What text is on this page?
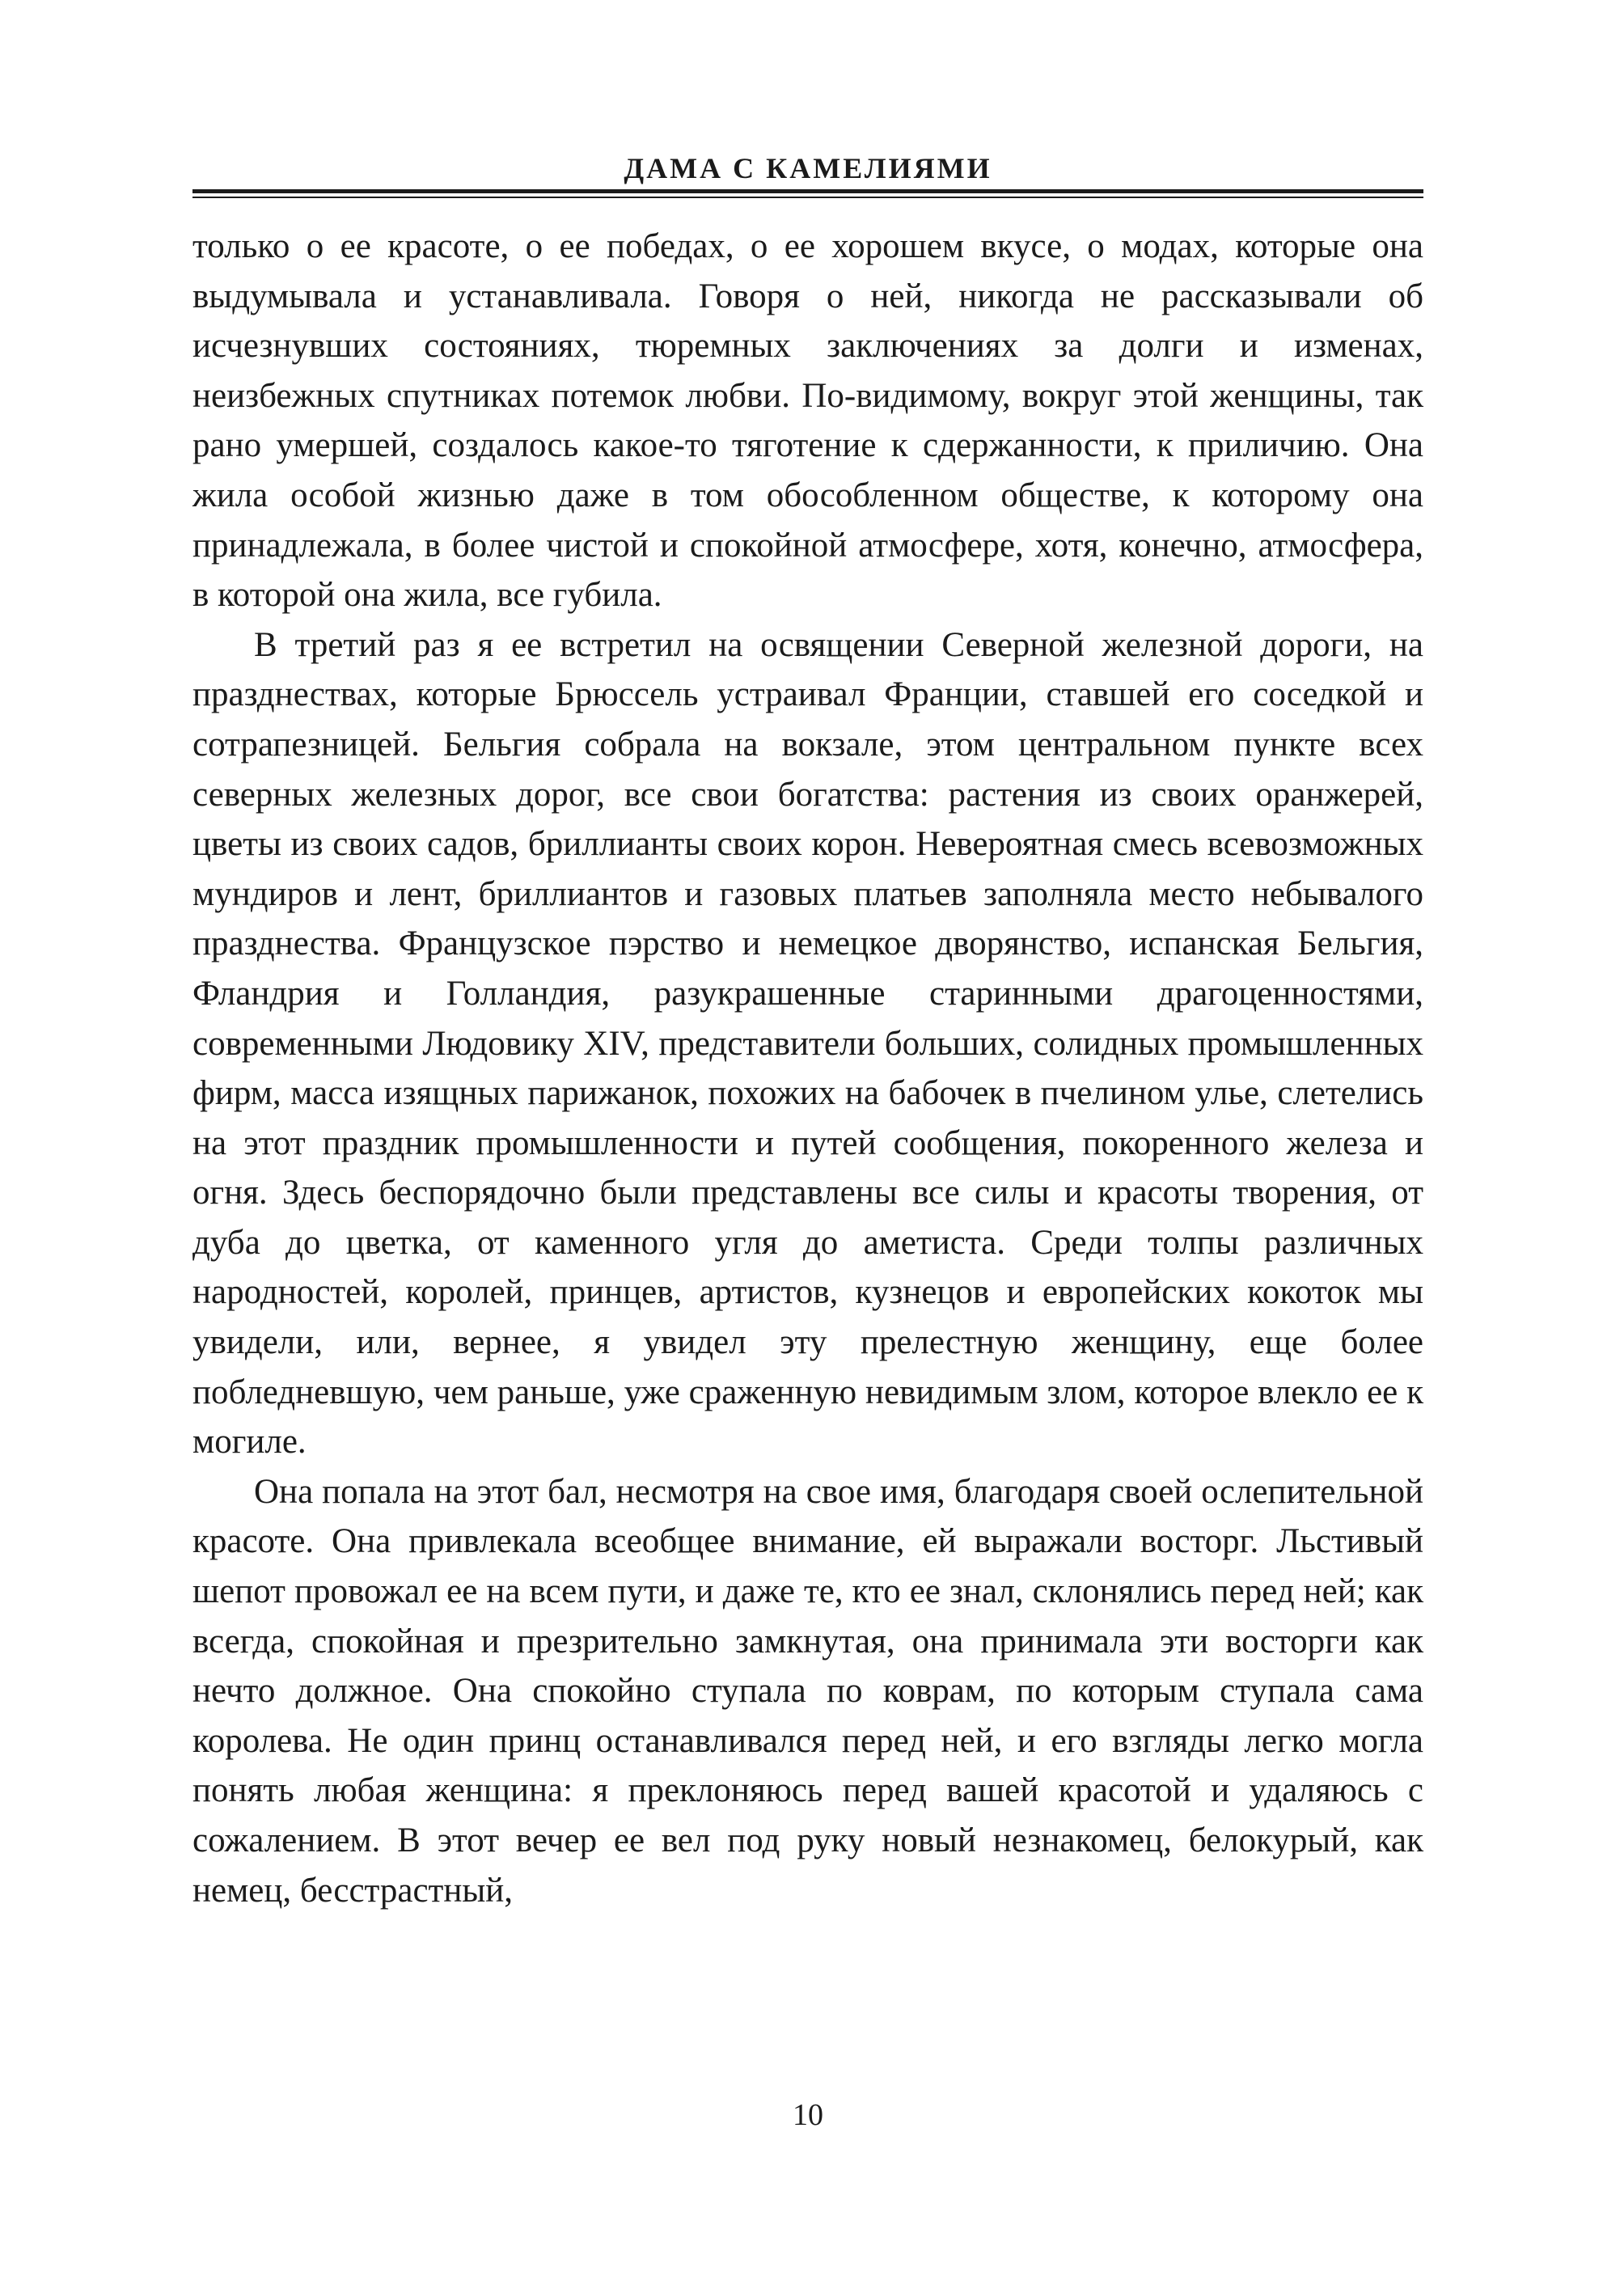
ДАМА С КАМЕЛИЯМИ

только о ее красоте, о ее победах, о ее хорошем вкусе, о модах, которые она выдумывала и устанавливала. Говоря о ней, никогда не рассказывали об исчезнувших состояниях, тюремных заключениях за долги и изменах, неизбежных спутниках потемок любви. По-видимому, вокруг этой женщины, так рано умершей, создалось какое-то тяготение к сдержанности, к приличию. Она жила особой жизнью даже в том обособленном обществе, к которому она принадлежала, в более чистой и спокойной атмосфере, хотя, конечно, атмосфера, в которой она жила, все губила.

В третий раз я ее встретил на освящении Северной железной дороги, на празднествах, которые Брюссель устраивал Франции, ставшей его соседкой и сотрапезницей. Бельгия собрала на вокзале, этом центральном пункте всех северных железных дорог, все свои богатства: растения из своих оранжерей, цветы из своих садов, бриллианты своих корон. Невероятная смесь всевозможных мундиров и лент, бриллиантов и газовых платьев заполняла место небывалого празднества. Французское пэрство и немецкое дворянство, испанская Бельгия, Фландрия и Голландия, разукрашенные старинными драгоценностями, современными Людовику XIV, представители больших, солидных промышленных фирм, масса изящных парижанок, похожих на бабочек в пчелином улье, слетелись на этот праздник промышленности и путей сообщения, покоренного железа и огня. Здесь беспорядочно были представлены все силы и красоты творения, от дуба до цветка, от каменного угля до аметиста. Среди толпы различных народностей, королей, принцев, артистов, кузнецов и европейских кокоток мы увидели, или, вернее, я увидел эту прелестную женщину, еще более побледневшую, чем раньше, уже сраженную невидимым злом, которое влекло ее к могиле.

Она попала на этот бал, несмотря на свое имя, благодаря своей ослепительной красоте. Она привлекала всеобщее внимание, ей выражали восторг. Льстивый шепот провожал ее на всем пути, и даже те, кто ее знал, склонялись перед ней; как всегда, спокойная и презрительно замкнутая, она принимала эти восторги как нечто должное. Она спокойно ступала по коврам, по которым ступала сама королева. Не один принц останавливался перед ней, и его взгляды легко могла понять любая женщина: я преклоняюсь перед вашей красотой и удаляюсь с сожалением. В этот вечер ее вел под руку новый незнакомец, белокурый, как немец, бесстрастный,

10
